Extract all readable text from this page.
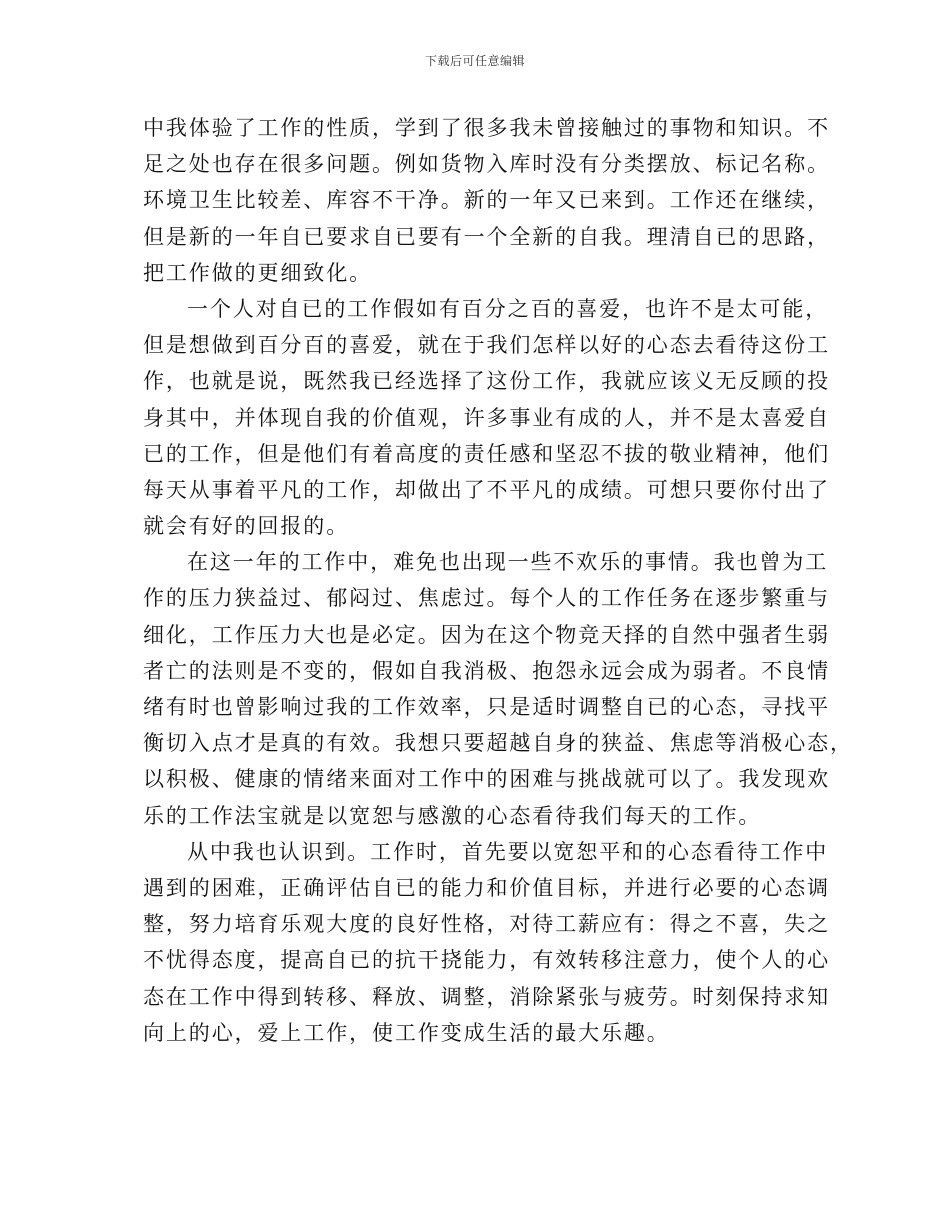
下载后可任意编辑
中我体验了工作的性质，学到了很多我未曾接触过的事物和知识。不
足之处也存在很多问题。例如货物入库时没有分类摆放、标记名称。
环境卫生比较差、库容不干净。新的一年又已来到。工作还在继续，
但是新的一年自已要求自已要有一个全新的自我。理清自已的思路，
把工作做的更细致化。
一个人对自已的工作假如有百分之百的喜爱，也许不是太可能，
但是想做到百分百的喜爱，就在于我们怎样以好的心态去看待这份工
作，也就是说，既然我已经选择了这份工作，我就应该义无反顾的投
身其中，并体现自我的价值观，许多事业有成的人，并不是太喜爱自
已的工作，但是他们有着高度的责任感和坚忍不拔的敬业精神，他们
每天从事着平凡的工作，却做出了不平凡的成绩。可想只要你付出了
就会有好的回报的。
在这一年的工作中，难免也出现一些不欢乐的事情。我也曾为工
作的压力狭益过、郁闷过、焦虑过。每个人的工作任务在逐步繁重与
细化，工作压力大也是必定。因为在这个物竞天择的自然中强者生弱
者亡的法则是不变的，假如自我消极、抱怨永远会成为弱者。不良情
绪有时也曾影响过我的工作效率，只是适时调整自已的心态，寻找平
衡切入点才是真的有效。我想只要超越自身的狭益、焦虑等消极心态，
以积极、健康的情绪来面对工作中的困难与挑战就可以了。我发现欢
乐的工作法宝就是以宽恕与感激的心态看待我们每天的工作。
从中我也认识到。工作时，首先要以宽恕平和的心态看待工作中
遇到的困难，正确评估自已的能力和价值目标，并进行必要的心态调
整，努力培育乐观大度的良好性格，对待工薪应有：得之不喜，失之
不忧得态度，提高自已的抗干挠能力，有效转移注意力，使个人的心
态在工作中得到转移、释放、调整，消除紧张与疲劳。时刻保持求知
向上的心，爱上工作，使工作变成生活的最大乐趣。
